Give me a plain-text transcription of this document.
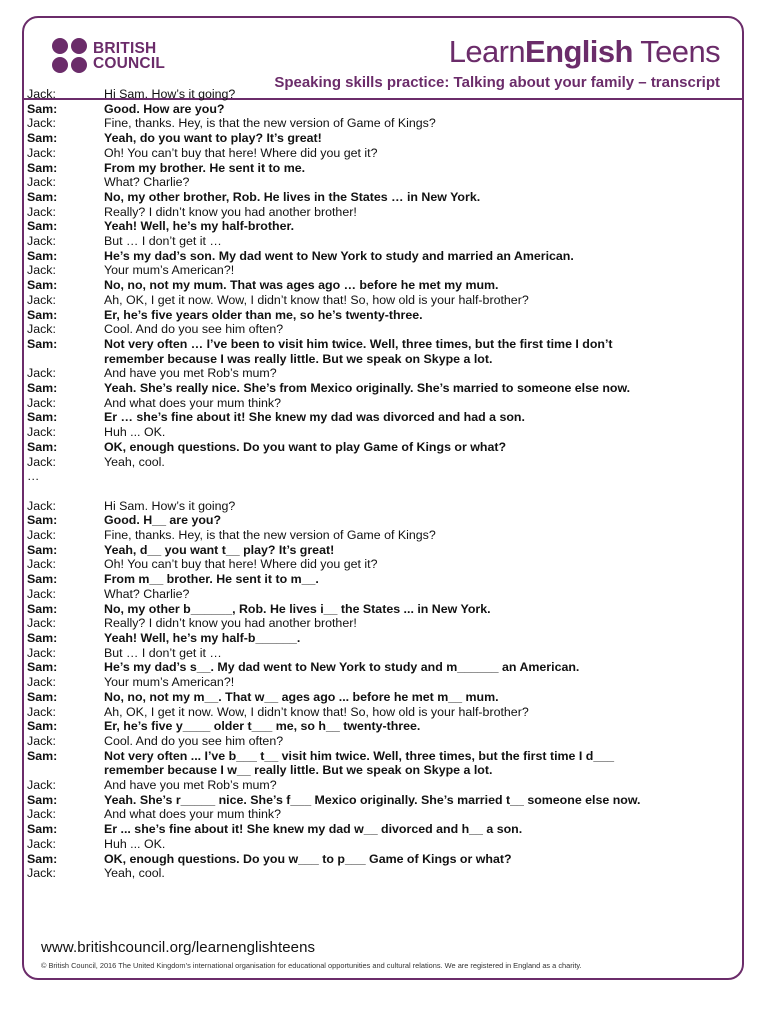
BRITISH
COUNCIL	LearnEnglish Teens
Speaking skills practice: Talking about your family – transcript
Jack:	Hi Sam. How’s it going?
Sam:	Good. How are you?
Jack:	Fine, thanks. Hey, is that the new version of Game of Kings?
Sam:	Yeah, do you want to play? It’s great!
Jack:	Oh! You can’t buy that here! Where did you get it?
Sam:	From my brother. He sent it to me.
Jack:	What? Charlie?
Sam:	No, my other brother, Rob. He lives in the States … in New York.
Jack:	Really? I didn’t know you had another brother!
Sam:	Yeah! Well, he’s my half-brother.
Jack:	But … I don’t get it …
Sam:	He’s my dad’s son. My dad went to New York to study and married an American.
Jack:	Your mum’s American?!
Sam:	No, no, not my mum. That was ages ago … before he met my mum.
Jack:	Ah, OK, I get it now. Wow, I didn’t know that! So, how old is your half-brother?
Sam:	Er, he’s five years older than me, so he’s twenty-three.
Jack:	Cool. And do you see him often?
Sam:	Not very often … I’ve been to visit him twice. Well, three times, but the first time I don’t
remember because I was really little. But we speak on Skype a lot.
Jack:	And have you met Rob’s mum?
Sam:	Yeah. She’s really nice. She’s from Mexico originally. She’s married to someone else now.
Jack:	And what does your mum think?
Sam:	Er … she’s fine about it! She knew my dad was divorced and had a son.
Jack:	Huh ... OK.
Sam:	OK, enough questions. Do you want to play Game of Kings or what?
Jack:	Yeah, cool.
…
Jack:	Hi Sam. How’s it going?
Sam:	Good. H__ are you?
Jack:	Fine, thanks. Hey, is that the new version of Game of Kings?
Sam:	Yeah, d__ you want t__ play? It’s great!
Jack:	Oh! You can’t buy that here! Where did you get it?
Sam:	From m__ brother. He sent it to m__.
Jack:	What? Charlie?
Sam:	No, my other b______, Rob. He lives i__ the States ... in New York.
Jack:	Really? I didn’t know you had another brother!
Sam:	Yeah! Well, he’s my half-b______.
Jack:	But … I don’t get it …
Sam:	He’s my dad’s s__. My dad went to New York to study and m______ an American.
Jack:	Your mum’s American?!
Sam:	No, no, not my m__. That w__ ages ago ... before he met m__ mum.
Jack:	Ah, OK, I get it now. Wow, I didn’t know that! So, how old is your half-brother?
Sam:	Er, he’s five y____ older t___ me, so h__ twenty-three.
Jack:	Cool. And do you see him often?
Sam:	Not very often ... I’ve b___ t__ visit him twice. Well, three times, but the first time I d___
remember because I w__ really little. But we speak on Skype a lot.
Jack:	And have you met Rob’s mum?
Sam:	Yeah. She’s r_____ nice. She’s f___ Mexico originally. She’s married t__ someone else now.
Jack:	And what does your mum think?
Sam:	Er ... she’s fine about it! She knew my dad w__ divorced and h__ a son.
Jack:	Huh ... OK.
Sam:	OK, enough questions. Do you w___ to p___ Game of Kings or what?
Jack:	Yeah, cool.
www.britishcouncil.org/learnenglishteens
© British Council, 2016 The United Kingdom’s international organisation for educational opportunities and cultural relations. We are registered in England as a charity.
